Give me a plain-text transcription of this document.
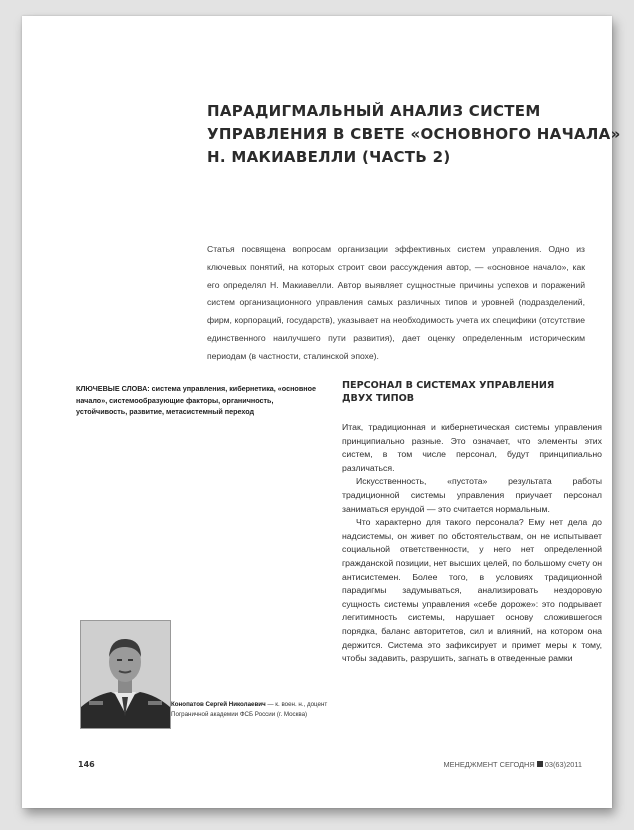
ПАРАДИГМАЛЬНЫЙ АНАЛИЗ СИСТЕМ
УПРАВЛЕНИЯ В СВЕТЕ «ОСНОВНОГО НАЧАЛА»
Н. МАКИАВЕЛЛИ (ЧАСТЬ 2)

Статья посвящена вопросам организации эффективных систем управления. Одно из ключевых понятий, на которых строит свои рассуждения автор, — «основное начало», как его определял Н. Макиавелли. Автор выявляет сущностные причины успехов и поражений систем организационного управления самых различных типов и уровней (подразделений, фирм, корпораций, государств), указывает на необходимость учета их специфики (отсутствие единственного наилучшего пути развития), дает оценку определенным историческим периодам (в частности, сталинской эпохе).

КЛЮЧЕВЫЕ СЛОВА: система управления, кибернетика, «основное начало», системообразующие факторы, органичность, устойчивость, развитие, метасистемный переход

Конопатов Сергей Николаевич — к. воен. н., доцент Пограничной академии ФСБ России (г. Москва)

ПЕРСОНАЛ В СИСТЕМАХ УПРАВЛЕНИЯ
ДВУХ ТИПОВ

Итак, традиционная и кибернетическая системы управления принципиально разные. Это означает, что элементы этих систем, в том числе персонал, будут принципиально различаться.

Искусственность, «пустота» результата работы традиционной системы управления приучает персонал заниматься ерундой — это считается нормальным.

Что характерно для такого персонала? Ему нет дела до надсистемы, он живет по обстоятельствам, он не испытывает социальной ответственности, у него нет определенной гражданской позиции, нет высших целей, по большому счету он антисистемен. Более того, в условиях традиционной парадигмы задумываться, анализировать нездоровую сущность системы управления «себе дороже»: это подрывает легитимность системы, нарушает основу сложившегося порядка, баланс авторитетов, сил и влияний, на котором она держится. Система это зафиксирует и примет меры к тому, чтобы задавить, разрушить, загнать в отведенные рамки

146	МЕНЕДЖМЕНТ СЕГОДНЯ 03(63)2011
